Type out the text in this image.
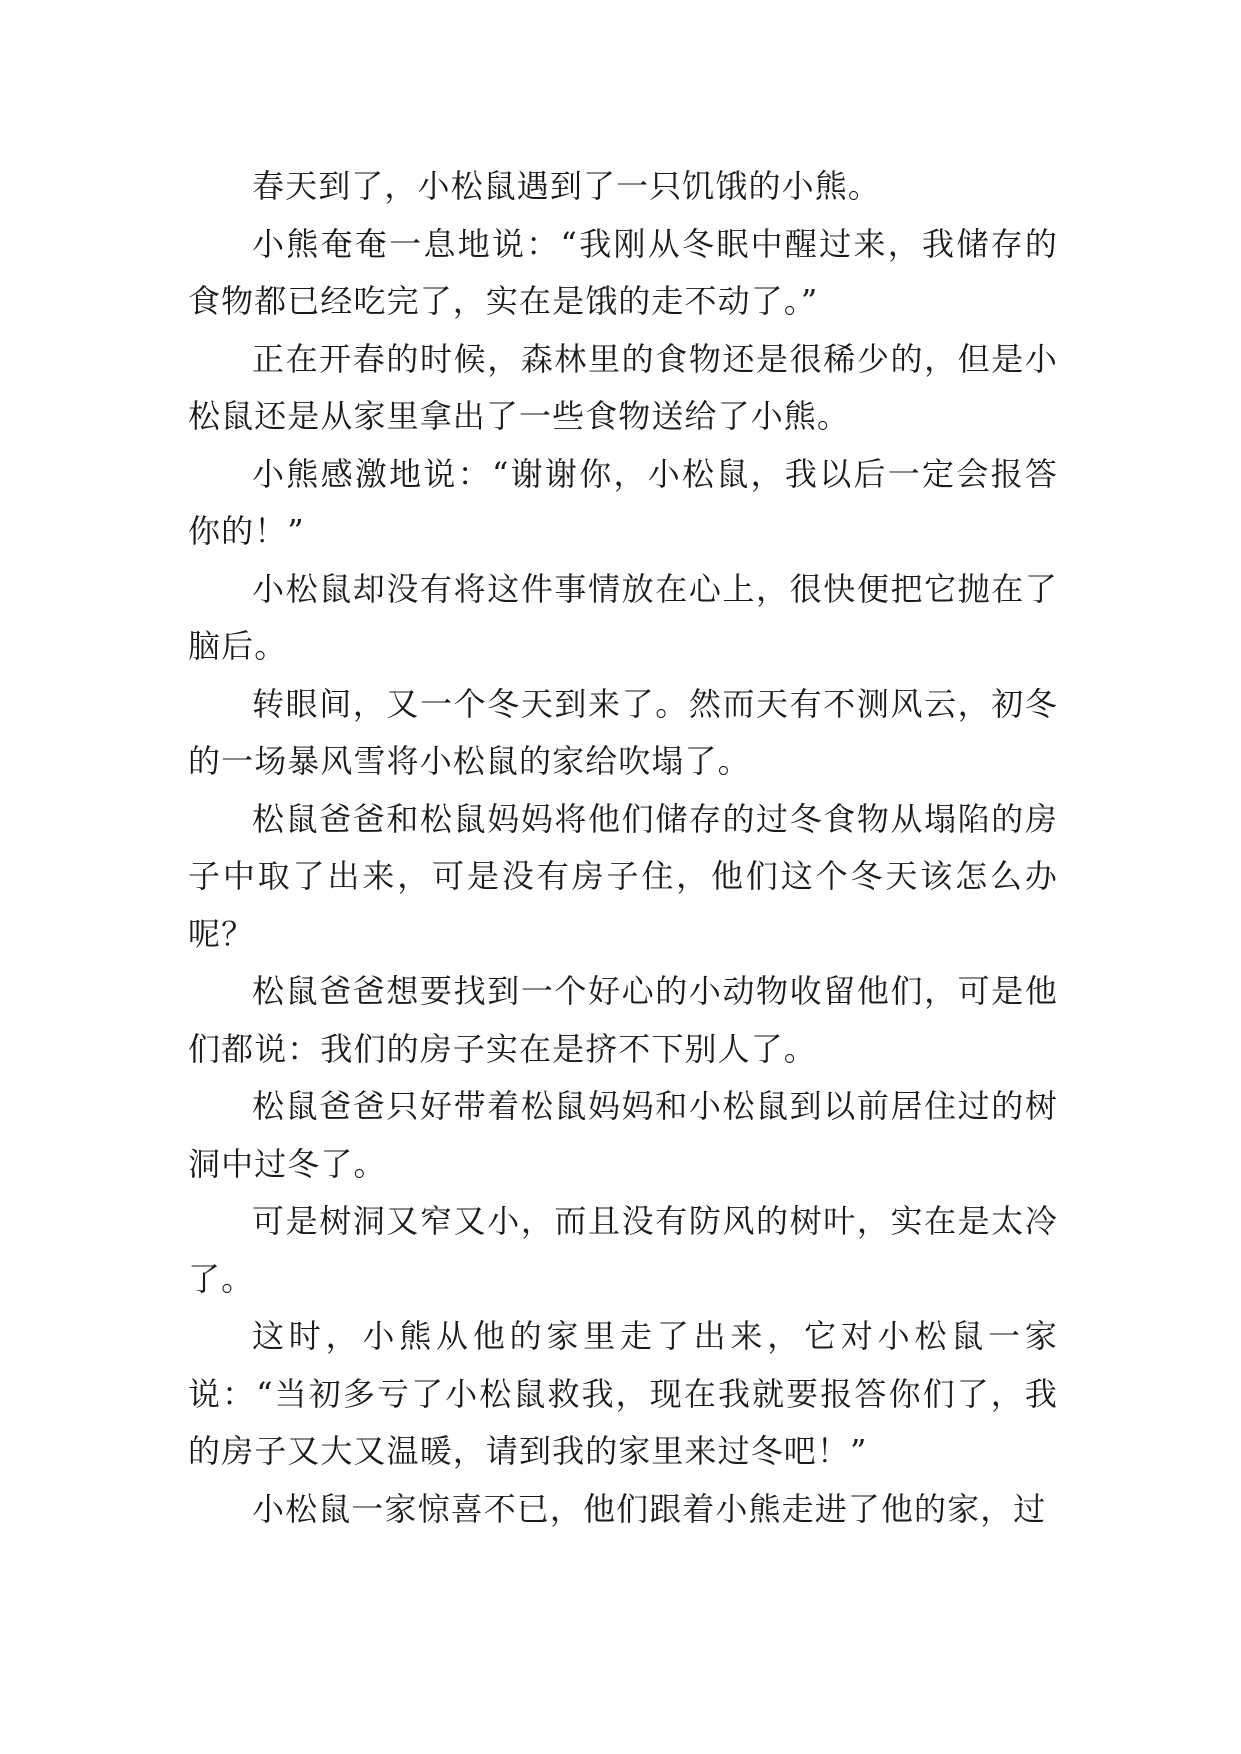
春天到了，小松鼠遇到了一只饥饿的小熊。

小熊奄奄一息地说：“我刚从冬眠中醒过来，我储存的食物都已经吃完了，实在是饿的走不动了。”

正在开春的时候，森林里的食物还是很稀少的，但是小松鼠还是从家里拿出了一些食物送给了小熊。

小熊感激地说：“谢谢你，小松鼠，我以后一定会报答你的！”

小松鼠却没有将这件事情放在心上，很快便把它抛在了脑后。

转眼间，又一个冬天到来了。然而天有不测风云，初冬的一场暴风雪将小松鼠的家给吹塌了。

松鼠爸爸和松鼠妈妈将他们储存的过冬食物从塌陷的房子中取了出来，可是没有房子住，他们这个冬天该怎么办呢？

松鼠爸爸想要找到一个好心的小动物收留他们，可是他们都说：我们的房子实在是挤不下别人了。

松鼠爸爸只好带着松鼠妈妈和小松鼠到以前居住过的树洞中过冬了。

可是树洞又窄又小，而且没有防风的树叶，实在是太冷了。

这时，小熊从他的家里走了出来，它对小松鼠一家说：“当初多亏了小松鼠救我，现在我就要报答你们了，我的房子又大又温暖，请到我的家里来过冬吧！”

小松鼠一家惊喜不已，他们跟着小熊走进了他的家，过
